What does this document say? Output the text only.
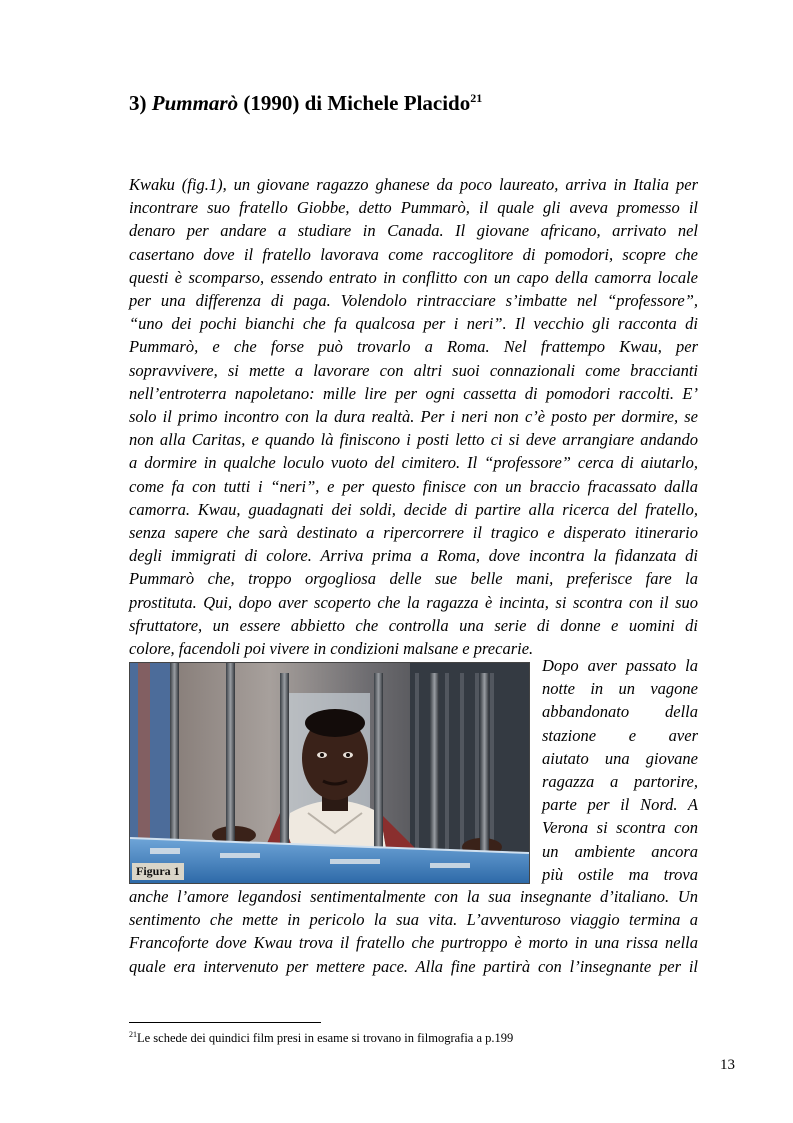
3) Pummarò (1990) di Michele Placido$^{21}$
Kwaku (fig.1), un giovane ragazzo ghanese da poco laureato, arriva in Italia per
incontrare suo fratello Giobbe, detto Pummarò, il quale gli aveva promesso il
denaro per andare a studiare in Canada. Il giovane africano, arrivato nel
casertano dove il fratello lavorava come raccoglitore di pomodori, scopre che
questi è scomparso, essendo entrato in conflitto con un capo della camorra locale
per una differenza di paga. Volendolo rintracciare s’imbatte nel “professore”,
“uno dei pochi bianchi che fa qualcosa per i neri”. Il vecchio gli racconta di
Pummarò, e che forse può trovarlo a Roma. Nel frattempo Kwau, per
sopravvivere, si mette a lavorare con altri suoi connazionali come braccianti
nell’entroterra napoletano: mille lire per ogni cassetta di pomodori raccolti. E’
solo il primo incontro con la dura realtà. Per i neri non c’è posto per dormire, se
non alla Caritas, e quando là finiscono i posti letto ci si deve arrangiare andando
a dormire in qualche loculo vuoto del cimitero. Il “professore” cerca di aiutarlo,
come fa con tutti i “neri”, e per questo finisce con un braccio fracassato dalla
camorra. Kwau, guadagnati dei soldi, decide di partire alla ricerca del fratello,
senza sapere che sarà destinato a ripercorrere il tragico e disperato itinerario
degli immigrati di colore. Arriva prima a Roma, dove incontra la fidanzata di
Pummarò che, troppo orgogliosa delle sue belle mani, preferisce fare la
prostituta. Qui, dopo aver scoperto che la ragazza è incinta, si scontra con il suo
sfruttatore, un essere abbietto che controlla una serie di donne e uomini di
colore, facendoli poi vivere in condizioni malsane e precarie.
Figura 1
Dopo aver passato la
notte in un vagone
abbandonato della
stazione e aver
aiutato una giovane
ragazza a partorire,
parte per il Nord. A
Verona si scontra con
un ambiente ancora
più ostile ma trova
anche l’amore legandosi sentimentalmente con la sua insegnante d’italiano. Un
sentimento che mette in pericolo la sua vita. L’avventuroso viaggio termina a
Francoforte dove Kwau trova il fratello che purtroppo è morto in una rissa nella
quale era intervenuto per mettere pace. Alla fine partirà con l’insegnante per il

$^{21}$Le schede dei quindici film presi in esame si trovano in filmografia a p.199

13
